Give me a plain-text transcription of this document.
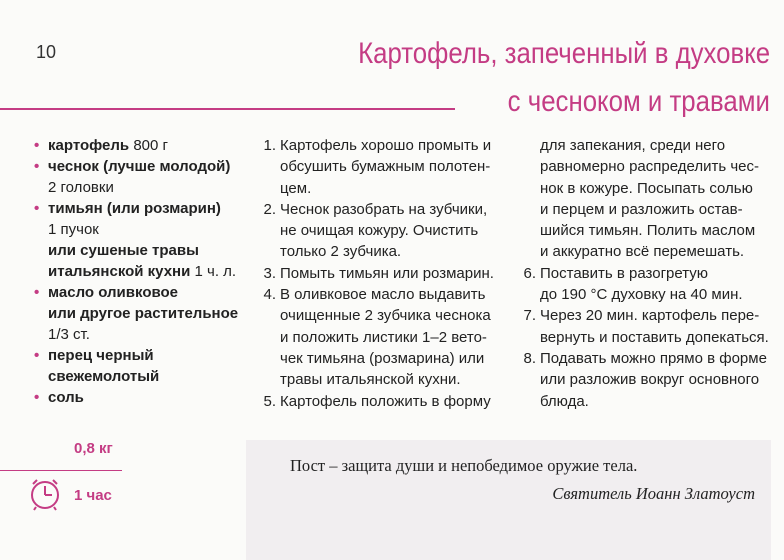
10	Картофель, запеченный в духовке
с чесноком и травами
• картофель 800 г
• чеснок (лучше молодой)
2 головки
• тимьян (или розмарин)
1 пучок
или сушеные травы
итальянской кухни 1 ч. л.
• масло оливковое
или другое растительное
1/3 ст.
• перец черный
свежемолотый
• соль
1. Картофель хорошо промыть и
обсушить бумажным полотен-
цем.
2. Чеснок разобрать на зубчики,
не очищая кожуру. Очистить
только 2 зубчика.
3. Помыть тимьян или розмарин.
4. В оливковое масло выдавить
очищенные 2 зубчика чеснока
и положить листики 1–2 вето-
чек тимьяна (розмарина) или
травы итальянской кухни.
5. Картофель положить в форму
для запекания, среди него
равномерно распределить чес-
нок в кожуре. Посыпать солью
и перцем и разложить остав-
шийся тимьян. Полить маслом
и аккуратно всё перемешать.
6. Поставить в разогретую
до 190 °С духовку на 40 мин.
7. Через 20 мин. картофель пере-
вернуть и поставить допекаться.
8. Подавать можно прямо в форме
или разложив вокруг основного
блюда.
0,8 кг
1 час
Пост – защита души и непобедимое оружие тела.
Святитель Иоанн Златоуст
